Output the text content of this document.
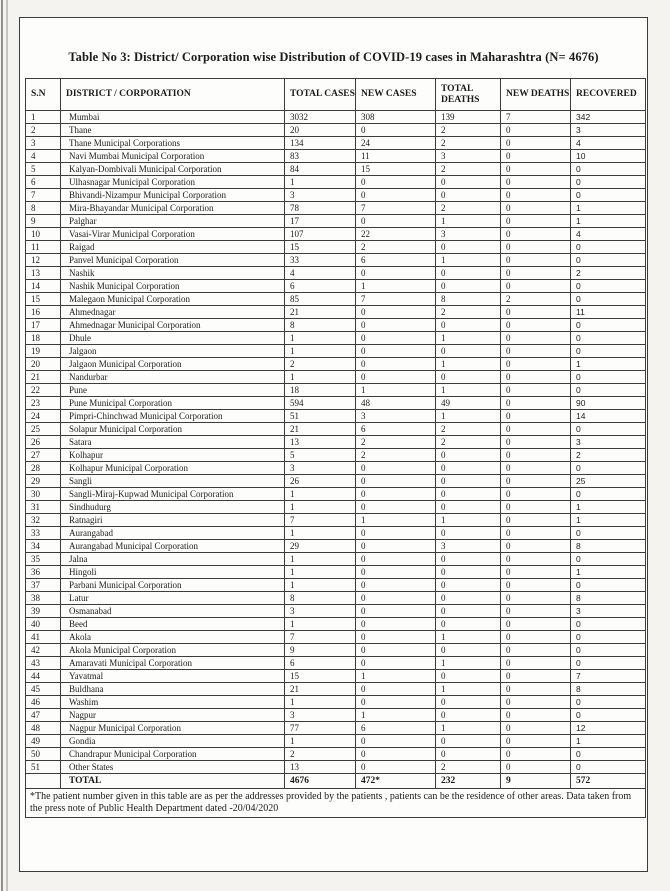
Table No 3: District/ Corporation wise Distribution of COVID-19 cases in Maharashtra (N= 4676)
S.N	DISTRICT / CORPORATION	TOTAL CASES	NEW CASES	TOTAL DEATHS	NEW DEATHS	RECOVERED
1	Mumbai	3032	308	139	7	342
2	Thane	20	0	2	0	3
3	Thane Municipal Corporations	134	24	2	0	4
4	Navi Mumbai Municipal Corporation	83	11	3	0	10
5	Kalyan-Dombivali Municipal Corporation	84	15	2	0	0
6	Ulhasnagar Municipal Corporation	1	0	0	0	0
7	Bhivandi-Nizampur Municipal Corporation	3	0	0	0	0
8	Mira-Bhayandar Municipal Corporation	78	7	2	0	1
9	Palghar	17	0	1	0	1
10	Vasai-Virar Municipal Corporation	107	22	3	0	4
11	Raigad	15	2	0	0	0
12	Panvel Municipal Corporation	33	6	1	0	0
13	Nashik	4	0	0	0	2
14	Nashik Municipal Corporation	6	1	0	0	0
15	Malegaon Municipal Corporation	85	7	8	2	0
16	Ahmednagar	21	0	2	0	11
17	Ahmednagar Municipal Corporation	8	0	0	0	0
18	Dhule	1	0	1	0	0
19	Jalgaon	1	0	0	0	0
20	Jalgaon Municipal Corporation	2	0	1	0	1
21	Nandurbar	1	0	0	0	0
22	Pune	18	1	1	0	0
23	Pune Municipal Corporation	594	48	49	0	90
24	Pimpri-Chinchwad Municipal Corporation	51	3	1	0	14
25	Solapur Municipal Corporation	21	6	2	0	0
26	Satara	13	2	2	0	3
27	Kolhapur	5	2	0	0	2
28	Kolhapur Municipal Corporation	3	0	0	0	0
29	Sangli	26	0	0	0	25
30	Sangli-Miraj-Kupwad Municipal Corporation	1	0	0	0	0
31	Sindhudurg	1	0	0	0	1
32	Ratnagiri	7	1	1	0	1
33	Aurangabad	1	0	0	0	0
34	Aurangabad Municipal Corporation	29	0	3	0	8
35	Jalna	1	0	0	0	0
36	Hingoli	1	0	0	0	1
37	Parbani Municipal Corporation	1	0	0	0	0
38	Latur	8	0	0	0	8
39	Osmanabad	3	0	0	0	3
40	Beed	1	0	0	0	0
41	Akola	7	0	1	0	0
42	Akola Municipal Corporation	9	0	0	0	0
43	Amaravati Municipal Corporation	6	0	1	0	0
44	Yavatmal	15	1	0	0	7
45	Buldhana	21	0	1	0	8
46	Washim	1	0	0	0	0
47	Nagpur	3	1	0	0	0
48	Nagpur Municipal Corporation	77	6	1	0	12
49	Gondia	1	0	0	0	1
50	Chandrapur Municipal Corporation	2	0	0	0	0
51	Other States	13	0	2	0	0
	TOTAL	4676	472*	232	9	572
*The patient number given in this table are as per the addresses provided by the patients , patients can be the residence of other areas. Data taken from the press note of Public Health Department dated -20/04/2020						
